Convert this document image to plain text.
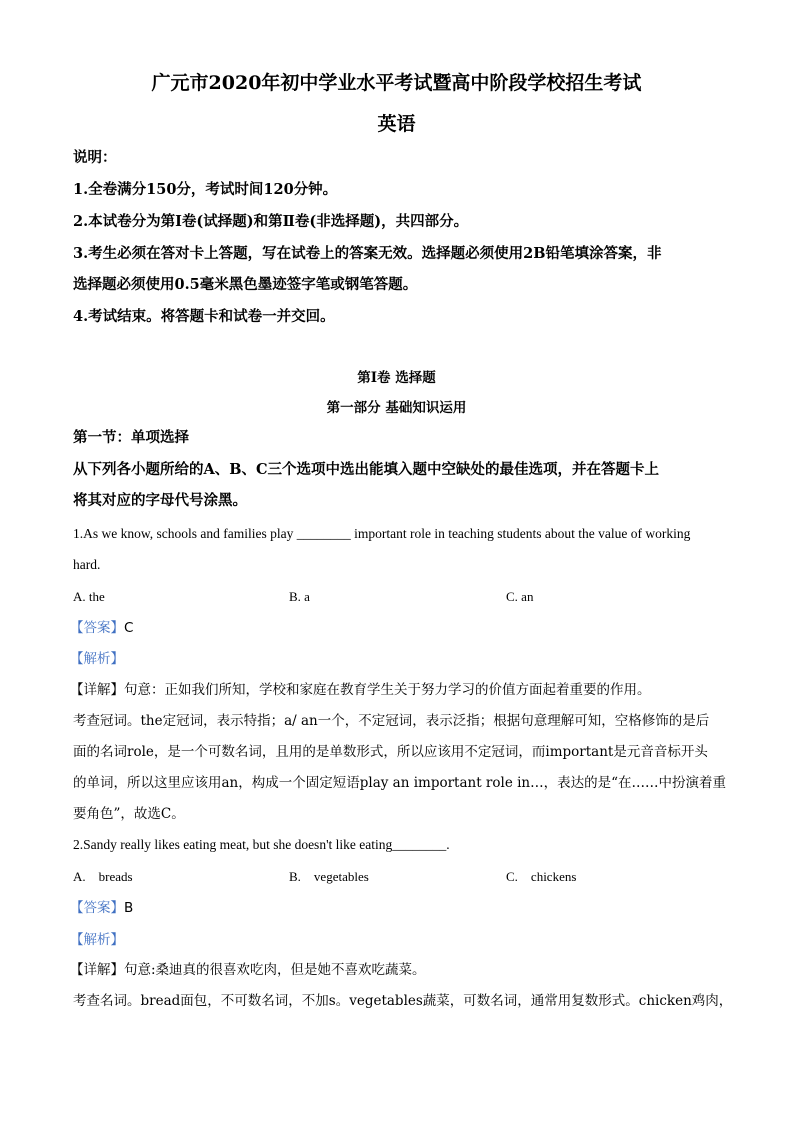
广元市2020年初中学业水平考试暨高中阶段学校招生考试
英语
说明：
1.全卷满分150分，考试时间120分钟。
2.本试卷分为第I卷(试择题)和第Ⅱ卷(非选择题)，共四部分。
3.考生必须在答对卡上答题，写在试卷上的答案无效。选择题必须使用2B铅笔填涂答案，非
选择题必须使用0.5毫米黑色墨迹签字笔或钢笔答题。
4.考试结束。将答题卡和试卷一并交回。
第I卷 选择题
第一部分 基础知识运用
第一节：单项选择
从下列各小题所给的A、B、C三个选项中选出能填入题中空缺处的最佳选项，并在答题卡上
将其对应的字母代号涂黑。
1.As we know, schools and families play ________ important role in teaching students about the value of working
hard.
A. the	B. a	C. an
【答案】C
【解析】
【详解】句意：正如我们所知，学校和家庭在教育学生关于努力学习的价值方面起着重要的作用。
考查冠词。the定冠词，表示特指；a/ an一个，不定冠词，表示泛指；根据句意理解可知，空格修饰的是后
面的名词role，是一个可数名词，且用的是单数形式，所以应该用不定冠词，而important是元音音标开头
的单词，所以这里应该用an，构成一个固定短语play an important role in…，表达的是“在……中扮演着重
要角色”，故选C。
2.Sandy really likes eating meat, but she doesn't like eating________.
A.　breads	B.　vegetables	C.　chickens
【答案】B
【解析】
【详解】句意:桑迪真的很喜欢吃肉，但是她不喜欢吃蔬菜。
考查名词。bread面包，不可数名词，不加s。vegetables蔬菜，可数名词，通常用复数形式。chicken鸡肉，
